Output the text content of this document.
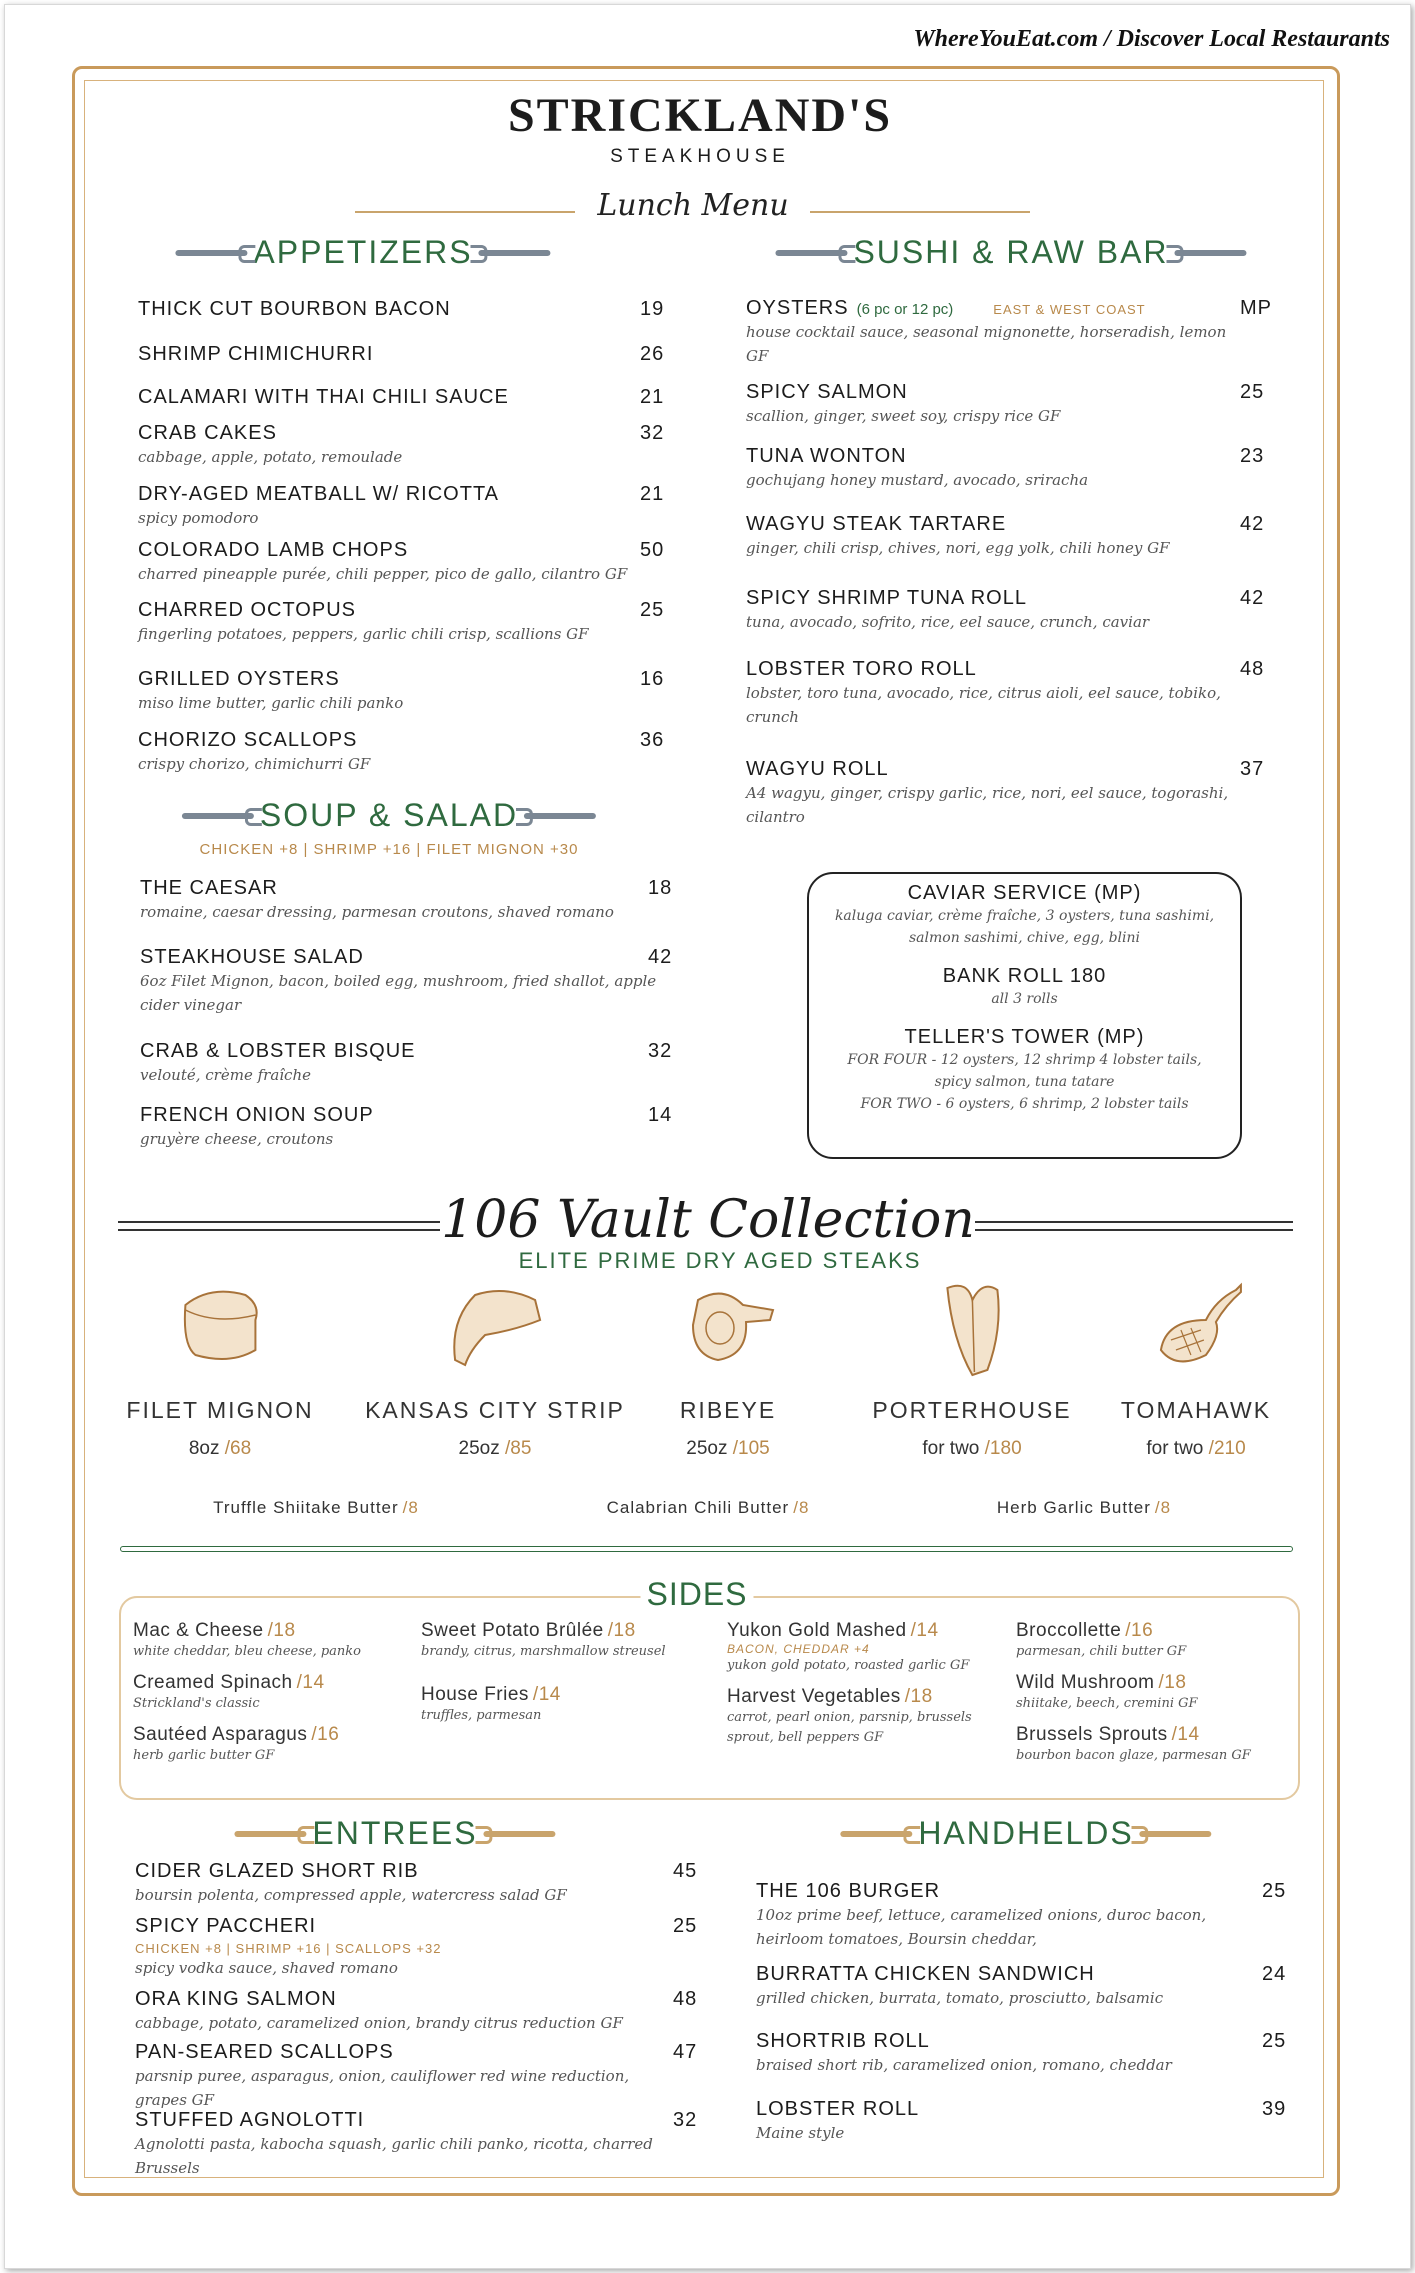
WhereYouEat.com / Discover Local Restaurants
STRICKLAND'S
STEAKHOUSE
Lunch Menu
APPETIZERS	SUSHI & RAW BAR
THICK CUT BOURBON BACON	19
SHRIMP CHIMICHURRI	26
CALAMARI WITH THAI CHILI SAUCE	21
CRAB CAKES	32
cabbage, apple, potato, remoulade
DRY-AGED MEATBALL W/ RICOTTA	21
spicy pomodoro
COLORADO LAMB CHOPS	50
charred pineapple purée, chili pepper, pico de gallo, cilantro GF
CHARRED OCTOPUS	25
fingerling potatoes, peppers, garlic chili crisp, scallions GF
GRILLED OYSTERS	16
miso lime butter, garlic chili panko
CHORIZO SCALLOPS	36
crispy chorizo, chimichurri GF
SOUP & SALAD
CHICKEN +8 | SHRIMP +16 | FILET MIGNON +30
THE CAESAR	18
romaine, caesar dressing, parmesan croutons, shaved romano
STEAKHOUSE SALAD	42
6oz Filet Mignon, bacon, boiled egg, mushroom, fried shallot, apple cider vinegar
CRAB & LOBSTER BISQUE	32
velouté, crème fraîche
FRENCH ONION SOUP	14
gruyère cheese, croutons
OYSTERS (6 pc or 12 pc)	EAST & WEST COAST	MP
house cocktail sauce, seasonal mignonette, horseradish, lemon GF
SPICY SALMON	25
scallion, ginger, sweet soy, crispy rice GF
TUNA WONTON	23
gochujang honey mustard, avocado, sriracha
WAGYU STEAK TARTARE	42
ginger, chili crisp, chives, nori, egg yolk, chili honey GF
SPICY SHRIMP TUNA ROLL	42
tuna, avocado, sofrito, rice, eel sauce, crunch, caviar
LOBSTER TORO ROLL	48
lobster, toro tuna, avocado, rice, citrus aioli, eel sauce, tobiko, crunch
WAGYU ROLL	37
A4 wagyu, ginger, crispy garlic, rice, nori, eel sauce, togorashi, cilantro
CAVIAR SERVICE (MP)
kaluga caviar, crème fraîche, 3 oysters, tuna sashimi,
salmon sashimi, chive, egg, blini
BANK ROLL 180
all 3 rolls
TELLER'S TOWER (MP)
FOR FOUR - 12 oysters, 12 shrimp 4 lobster tails,
spicy salmon, tuna tatare
FOR TWO - 6 oysters, 6 shrimp, 2 lobster tails
106 Vault Collection
ELITE PRIME DRY AGED STEAKS
FILET MIGNON
8oz /68
KANSAS CITY STRIP
25oz /85
RIBEYE
25oz /105
PORTERHOUSE
for two /180
TOMAHAWK
for two /210
Truffle Shiitake Butter /8	Calabrian Chili Butter /8	Herb Garlic Butter /8
SIDES
Mac & Cheese /18
white cheddar, bleu cheese, panko
Creamed Spinach /14
Strickland's classic
Sautéed Asparagus /16
herb garlic butter GF
Sweet Potato Brûlée /18
brandy, citrus, marshmallow streusel
House Fries /14
truffles, parmesan
Yukon Gold Mashed /14
BACON, CHEDDAR +4
yukon gold potato, roasted garlic GF
Harvest Vegetables /18
carrot, pearl onion, parsnip, brussels sprout, bell peppers GF
Broccollette /16
parmesan, chili butter GF
Wild Mushroom /18
shiitake, beech, cremini GF
Brussels Sprouts /14
bourbon bacon glaze, parmesan GF
ENTREES	HANDHELDS
CIDER GLAZED SHORT RIB	45
boursin polenta, compressed apple, watercress salad GF
SPICY PACCHERI	25
CHICKEN +8 | SHRIMP +16 | SCALLOPS +32
spicy vodka sauce, shaved romano
ORA KING SALMON	48
cabbage, potato, caramelized onion, brandy citrus reduction GF
PAN-SEARED SCALLOPS	47
parsnip puree, asparagus, onion, cauliflower red wine reduction, grapes GF
STUFFED AGNOLOTTI	32
Agnolotti pasta, kabocha squash, garlic chili panko, ricotta, charred Brussels
THE 106 BURGER	25
10oz prime beef, lettuce, caramelized onions, duroc bacon, heirloom tomatoes, Boursin cheddar,
BURRATTA CHICKEN SANDWICH	24
grilled chicken, burrata, tomato, prosciutto, balsamic
SHORTRIB ROLL	25
braised short rib, caramelized onion, romano, cheddar
LOBSTER ROLL	39
Maine style
